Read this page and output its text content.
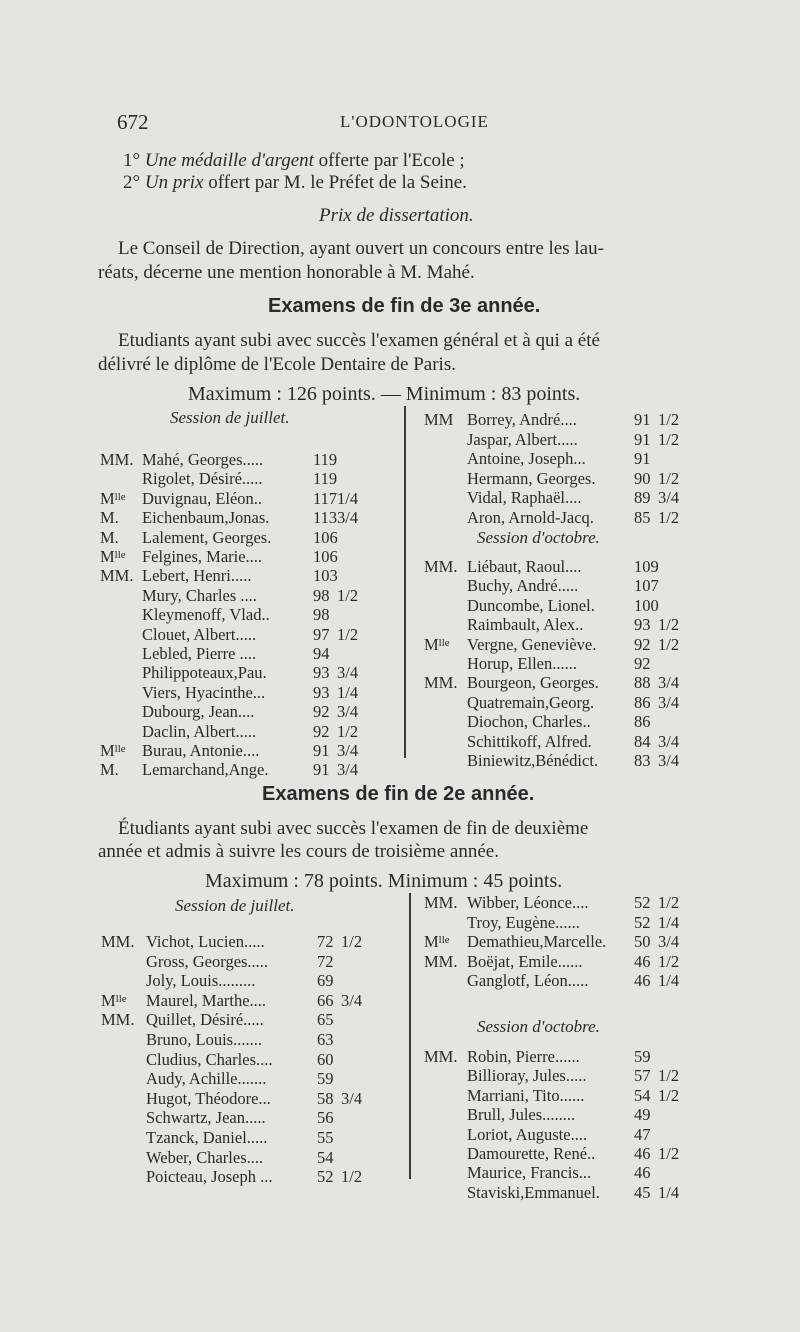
672	L'ODONTOLOGIE
1° Une médaille d'argent offerte par l'Ecole ;
2° Un prix offert par M. le Préfet de la Seine.
Prix de dissertation.
Le Conseil de Direction, ayant ouvert un concours entre les lau-
réats, décerne une mention honorable à M. Mahé.
Examens de fin de 3e année.
Etudiants ayant subi avec succès l'examen général et à qui a été
délivré le diplôme de l'Ecole Dentaire de Paris.
Maximum : 126 points. — Minimum : 83 points.
Session de juillet.
Session d'octobre.
MM. Mahé, Georges.....	119
Rigolet, Désiré.....	119
$M^{lle}$ Duvignau, Eléon..	117 1/4
M. Eichenbaum,Jonas.	113 3/4
M. Lalement, Georges.	106
$M^{lle}$ Felgines, Marie....	106
MM. Lebert, Henri.....	103
Mury, Charles ....	98 1/2
Kleymenoff, Vlad..	98
Clouet, Albert.....	97 1/2
Lebled, Pierre ....	94
Philippoteaux,Pau.	93 3/4
Viers, Hyacinthe...	93 1/4
Dubourg, Jean....	92 3/4
Daclin, Albert.....	92 1/2
$M^{lle}$ Burau, Antonie....	91 3/4
M. Lemarchand,Ange.	91 3/4
MM Borrey, André....	91 1/2
Jaspar, Albert.....	91 1/2
Antoine, Joseph...	91
Hermann, Georges. 90 1/2
Vidal, Raphaël....	89 3/4
Aron, Arnold-Jacq. 85 1/2
MM. Liébaut, Raoul....	109
Buchy, André.....	107
Duncombe, Lionel. 100
Raimbault, Alex..	93 1/2
$M^{lle}$ Vergne, Geneviève. 92 1/2
Horup, Ellen......	92
MM. Bourgeon, Georges. 88 3/4
Quatremain,Georg. 86 3/4
Diochon, Charles..	86
Schittikoff, Alfred.	84 3/4
Biniewitz,Bénédict. 83 3/4
Examens de fin de 2e année.
Étudiants ayant subi avec succès l'examen de fin de deuxième
année et admis à suivre les cours de troisième année.
Maximum : 78 points. Minimum : 45 points.
Session de juillet.
Session d'octobre.
MM. Vichot, Lucien.....	72 1/2
Gross, Georges.....	72
Joly, Louis.........	69
$M^{lle}$ Maurel, Marthe....	66 3/4
MM. Quillet, Désiré.....	65
Bruno, Louis.......	63
Cludius, Charles....	60
Audy, Achille.......	59
Hugot, Théodore...	58 3/4
Schwartz, Jean.....	56
Tzanck, Daniel.....	55
Weber, Charles....	54
Poicteau, Joseph ...	52 1/2
MM. Wibber, Léonce....	52 1/2
Troy, Eugène......	52 1/4
$M^{lle}$ Demathieu,Marcelle. 50 3/4
MM. Boëjat, Emile......	46 1/2
Ganglotf, Léon.....	46 1/4
MM. Robin, Pierre......	59
Billioray, Jules.....	57 1/2
Marriani, Tito......	54 1/2
Brull, Jules........	49
Loriot, Auguste....	47
Damourette, René.. 46 1/2
Maurice, Francis...	46
Staviski,Emmanuel. 45 1/4
